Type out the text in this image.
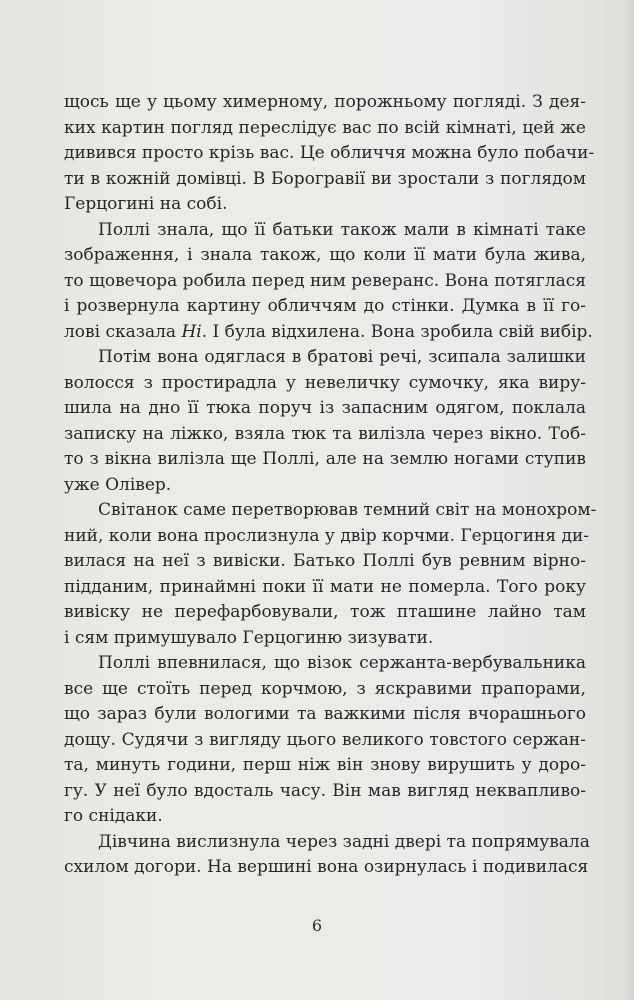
щось ще у цьому химерному, порожньому погляді. З дея-
ких картин погляд переслідує вас по всій кімнаті, цей же
дивився просто крізь вас. Це обличчя можна було побачи-
ти в кожній домівці. В Борогравії ви зростали з поглядом
Герцогині на собі.

Поллі знала, що її батьки також мали в кімнаті таке
зображення, і знала також, що коли її мати була жива,
то щовечора робила перед ним реверанс. Вона потяглася
і розвернула картину обличчям до стінки. Думка в її го-
лові сказала Ні. І була відхилена. Вона зробила свій вибір.

Потім вона одяглася в братові речі, зсипала залишки
волосся з простирадла у невеличку сумочку, яка виру-
шила на дно її тюка поруч із запасним одягом, поклала
записку на ліжко, взяла тюк та вилізла через вікно. Тоб-
то з вікна вилізла ще Поллі, але на землю ногами ступив
уже Олівер.

Світанок саме перетворював темний світ на монохром-
ний, коли вона прослизнула у двір корчми. Герцогиня ди-
вилася на неї з вивіски. Батько Поллі був ревним вірно-
підданим, принаймні поки її мати не померла. Того року
вивіску не перефарбовували, тож пташине лайно там
і сям примушувало Герцогиню зизувати.

Поллі впевнилася, що візок сержанта-вербувальника
все ще стоїть перед корчмою, з яскравими прапорами,
що зараз були вологими та важкими після вчорашнього
дощу. Судячи з вигляду цього великого товстого сержан-
та, минуть години, перш ніж він знову вирушить у доро-
гу. У неї було вдосталь часу. Він мав вигляд неквапливо-
го снідаки.

Дівчина вислизнула через задні двері та попрямувала
схилом догори. На вершині вона озирнулась і подивилася

6
